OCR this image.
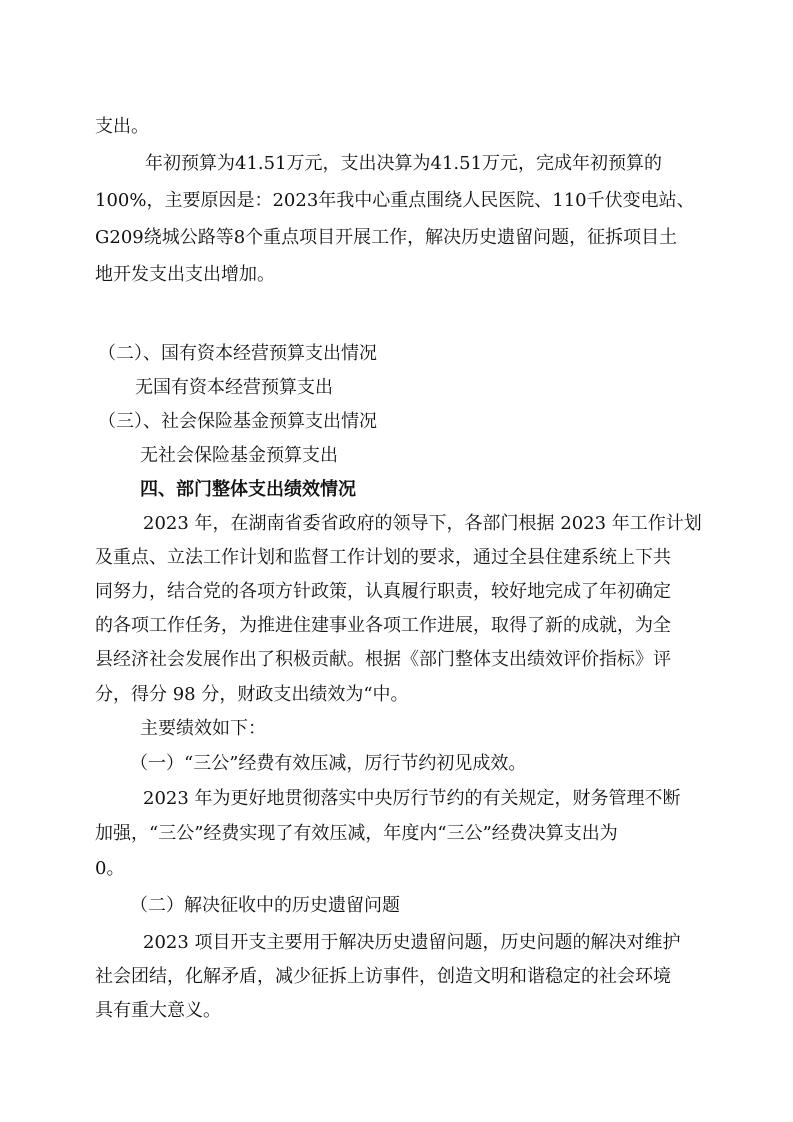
支出。
年初预算为41.51万元，支出决算为41.51万元，完成年初预算的
100%，主要原因是：2023年我中心重点围绕人民医院、110千伏变电站、
G209绕城公路等8个重点项目开展工作，解决历史遗留问题，征拆项目土
地开发支出支出增加。
（二）、国有资本经营预算支出情况
无国有资本经营预算支出
（三）、社会保险基金预算支出情况
无社会保险基金预算支出
四、部门整体支出绩效情况
2023 年，在湖南省委省政府的领导下，各部门根据 2023 年工作计划
及重点、立法工作计划和监督工作计划的要求，通过全县住建系统上下共
同努力，结合党的各项方针政策，认真履行职责，较好地完成了年初确定
的各项工作任务，为推进住建事业各项工作进展，取得了新的成就，为全
县经济社会发展作出了积极贡献。根据《部门整体支出绩效评价指标》评
分，得分 98 分，财政支出绩效为“中。
主要绩效如下：
（一）“三公”经费有效压减，厉行节约初见成效。
2023 年为更好地贯彻落实中央厉行节约的有关规定，财务管理不断
加强，“三公”经费实现了有效压减，年度内“三公”经费决算支出为
0。
（二）解决征收中的历史遗留问题
2023 项目开支主要用于解决历史遗留问题，历史问题的解决对维护
社会团结，化解矛盾，减少征拆上访事件，创造文明和谐稳定的社会环境
具有重大意义。
